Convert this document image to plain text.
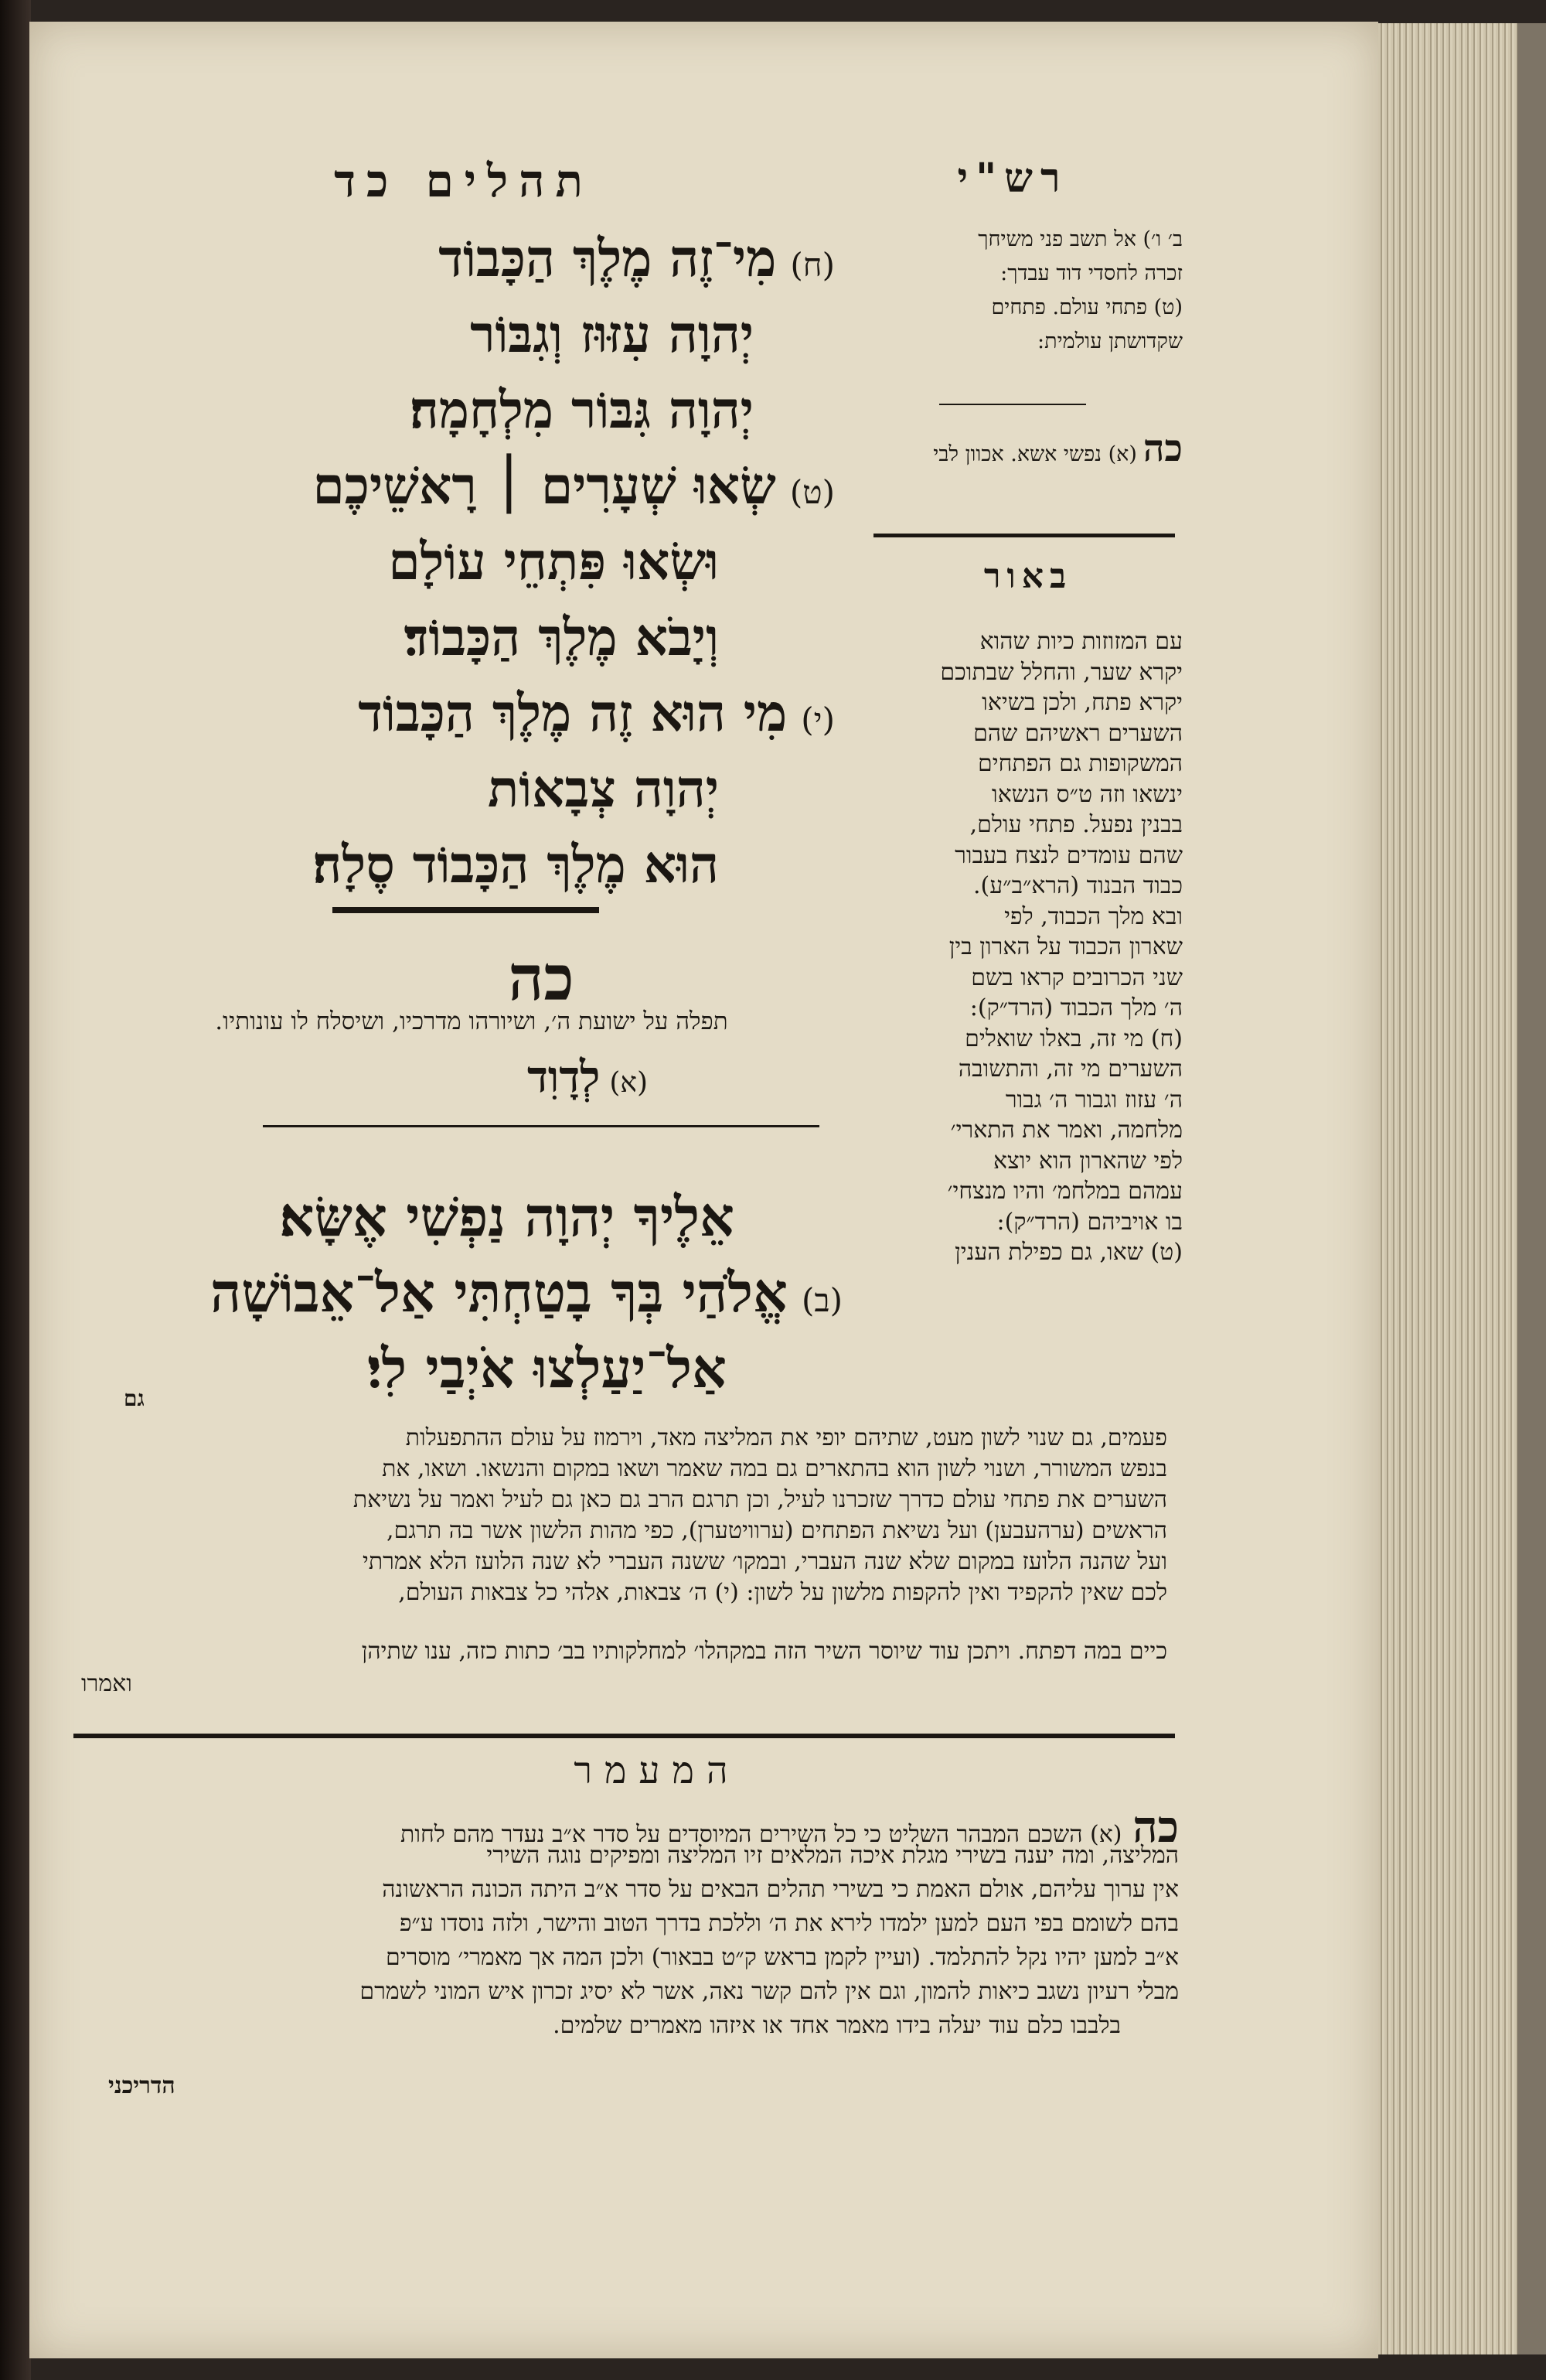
תהלים כד	רש"י
(ח)מִי־זֶה מֶלֶךְ הַכָּבוֹד
יְהוָה עִזּוּז וְגִבּוֹר
יְהוָה גִּבּוֹר מִלְחָמָה׃
(ט)שְׂאוּ שְׁעָרִים ׀ רָאשֵׁיכֶם
וּשְׂאוּ פִּתְחֵי עוֹלָם
וְיָבֹא מֶלֶךְ הַכָּבוֹד׃
(י)מִי הוּא זֶה מֶלֶךְ הַכָּבוֹד
יְהוָה צְבָאוֹת
הוּא מֶלֶךְ הַכָּבוֹד סֶלָה׃
כה
תפלה על ישועת ה׳, ושיורהו מדרכיו, ושיסלח לו עונותיו.
(א)לְדָוִד
אֵלֶיךָ יְהוָה נַפְשִׁי אֶשָּׂא׃
(ב)אֱלֹהַי בְּךָ בָטַחְתִּי אַל־אֵבוֹשָׁה
אַל־יַעַלְצוּ אֹיְבַי לִי׃
ב׳ ו׳) אל תשב פני משיחך
זכרה לחסדי דוד עבדך:
(ט) פתחי עולם. פתחים
שקדושתן עולמית:
כה(א) נפשי אשא. אכוון לבי
באור
עם המזוזות כיות שהוא
יקרא שער, והחלל שבתוכם
יקרא פתח, ולכן בשיאו
השערים ראשיהם שהם
המשקופות גם הפתחים
ינשאו וזה ט״ס הנשאו
בבנין נפעל. פתחי עולם,
שהם עומדים לנצח בעבור
כבוד הבנוד (הרא״ב״ע).
ובא מלך הכבוד, לפי
שארון הכבוד על הארון בין
שני הכרובים קראו בשם
ה׳ מלך הכבוד (הרד״ק):
(ח) מי זה, באלו שואלים
השערים מי זה, והתשובה
ה׳ עזוז וגבור ה׳ גבור
מלחמה, ואמר את התארי׳
לפי שהארון הוא יוצא
עמהם במלחמ׳ והיו מנצחי׳
בו אויביהם (הרד״ק):
(ט) שאו, גם כפילת הענין
גם
פעמים, גם שנוי לשון מעט, שתיהם יופי את המליצה מאד, וירמוז על עולם ההתפעלות
בנפש המשורר, ושנוי לשון הוא בהתארים גם במה שאמר ושאו במקום והנשאו. ושאו, את
השערים את פתחי עולם כדרך שזכרנו לעיל, וכן תרגם הרב גם כאן גם לעיל ואמר על נשיאת
הראשים (ערהעבען) ועל נשיאת הפתחים (ערוויטערן), כפי מהות הלשון אשר בה תרגם,
ועל שהנה הלועז במקום שלא שנה העברי, ובמקו׳ ששנה העברי לא שנה הלועז הלא אמרתי
לכם שאין להקפיד ואין להקפות מלשון על לשון: (י) ה׳ צבאות, אלהי כל צבאות העולם,
כיים במה דפתח. ויתכן עוד שיוסר השיר הזה במקהלו׳ למחלקותיו בב׳ כתות כזה, ענו שתיהן
ואמרו
המעמר
כה(א) השכם המבהר השליט כי כל השירים המיוסדים על סדר א״ב נעדר מהם לחות
המליצה, ומה יענה בשירי מגלת איכה המלאים זיו המליצה ומפיקים נוגה השירי
אין ערוך עליהם, אולם האמת כי בשירי תהלים הבאים על סדר א״ב היתה הכונה הראשונה
בהם לשומם בפי העם למען ילמדו לירא את ה׳ וללכת בדרך הטוב והישר, ולזה נוסדו ע״פ
א״ב למען יהיו נקל להתלמד. (ועיין לקמן בראש ק״ט בבאור) ולכן המה אך מאמרי׳ מוסרים
מבלי רעיון נשגב כיאות להמון, וגם אין להם קשר נאה, אשר לא יסיג זכרון איש המוני לשמרם
בלבבו כלם עוד יעלה בידו מאמר אחד או איזהו מאמרים שלמים.
הדריכני
